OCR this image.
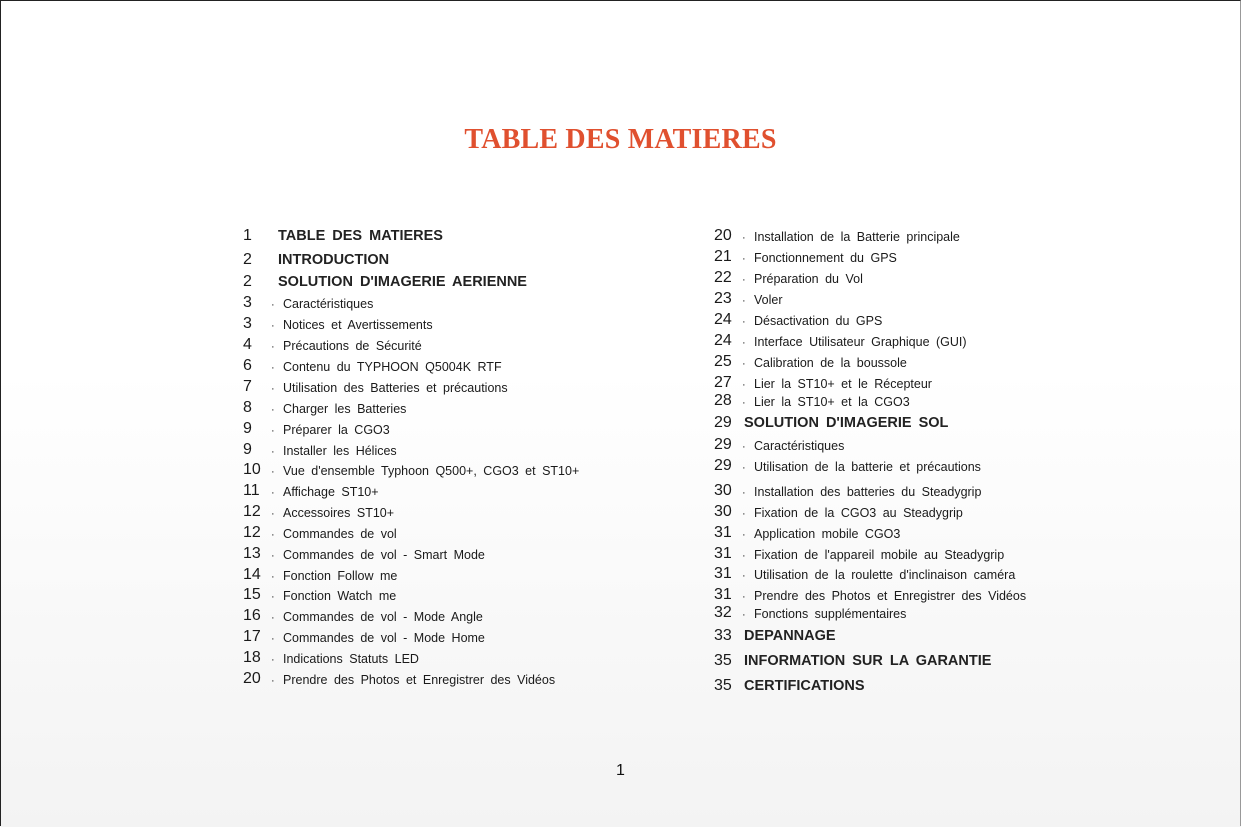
TABLE DES MATIERES
1 TABLE DES MATIERES
2 INTRODUCTION
2 SOLUTION D'IMAGERIE AERIENNE
3 · Caractéristiques
3 · Notices et Avertissements
4 · Précautions de Sécurité
6 · Contenu du TYPHOON Q5004K RTF
7 · Utilisation des Batteries et précautions
8 · Charger les Batteries
9 · Préparer la CGO3
9 · Installer les Hélices
10 · Vue d'ensemble Typhoon Q500+, CGO3 et ST10+
11 · Affichage ST10+
12 · Accessoires ST10+
12 · Commandes de vol
13 · Commandes de vol - Smart Mode
14 · Fonction Follow me
15 · Fonction Watch me
16 · Commandes de vol - Mode Angle
17 · Commandes de vol - Mode Home
18 · Indications Statuts LED
20 · Prendre des Photos et Enregistrer des Vidéos
20 · Installation de la Batterie principale
21 · Fonctionnement du GPS
22 · Préparation du Vol
23 · Voler
24 · Désactivation du GPS
24 · Interface Utilisateur Graphique (GUI)
25 · Calibration de la boussole
27 · Lier la ST10+ et le Récepteur
28 · Lier la ST10+ et la CGO3
29 SOLUTION D'IMAGERIE SOL
29 · Caractéristiques
29 · Utilisation de la batterie et précautions
30 · Installation des batteries du Steadygrip
30 · Fixation de la CGO3 au Steadygrip
31 · Application mobile CGO3
31 · Fixation de l'appareil mobile au Steadygrip
31 · Utilisation de la roulette d'inclinaison caméra
31 · Prendre des Photos et Enregistrer des Vidéos
32 · Fonctions supplémentaires
33 DEPANNAGE
35 INFORMATION SUR LA GARANTIE
35 CERTIFICATIONS
1
